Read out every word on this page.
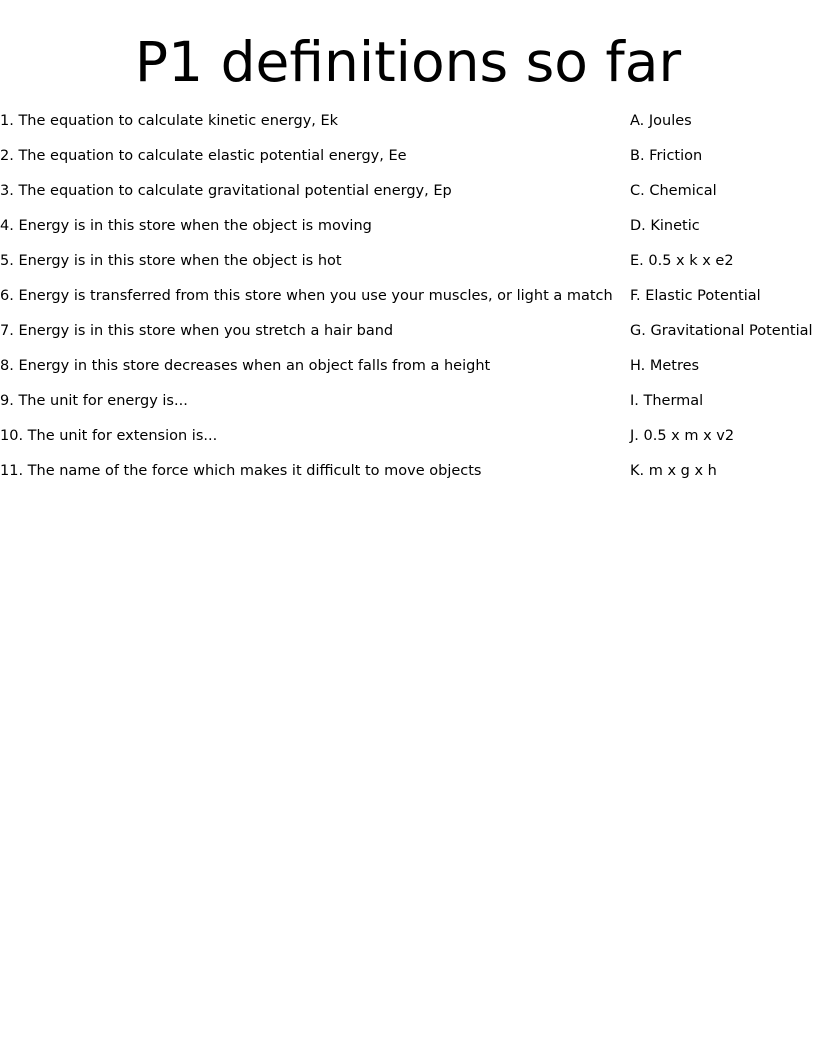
P1 definitions so far
1. The equation to calculate kinetic energy, Ek	A. Joules
2. The equation to calculate elastic potential energy, Ee	B. Friction
3. The equation to calculate gravitational potential energy, Ep	C. Chemical
4. Energy is in this store when the object is moving	D. Kinetic
5. Energy is in this store when the object is hot	E. 0.5 x k x e2
6. Energy is transferred from this store when you use your muscles, or light a match F. Elastic Potential
7. Energy is in this store when you stretch a hair band	G. Gravitational Potential
8. Energy in this store decreases when an object falls from a height	H. Metres
9. The unit for energy is...	I. Thermal
10. The unit for extension is...	J. 0.5 x m x v2
11. The name of the force which makes it difficult to move objects	K. m x g x h
